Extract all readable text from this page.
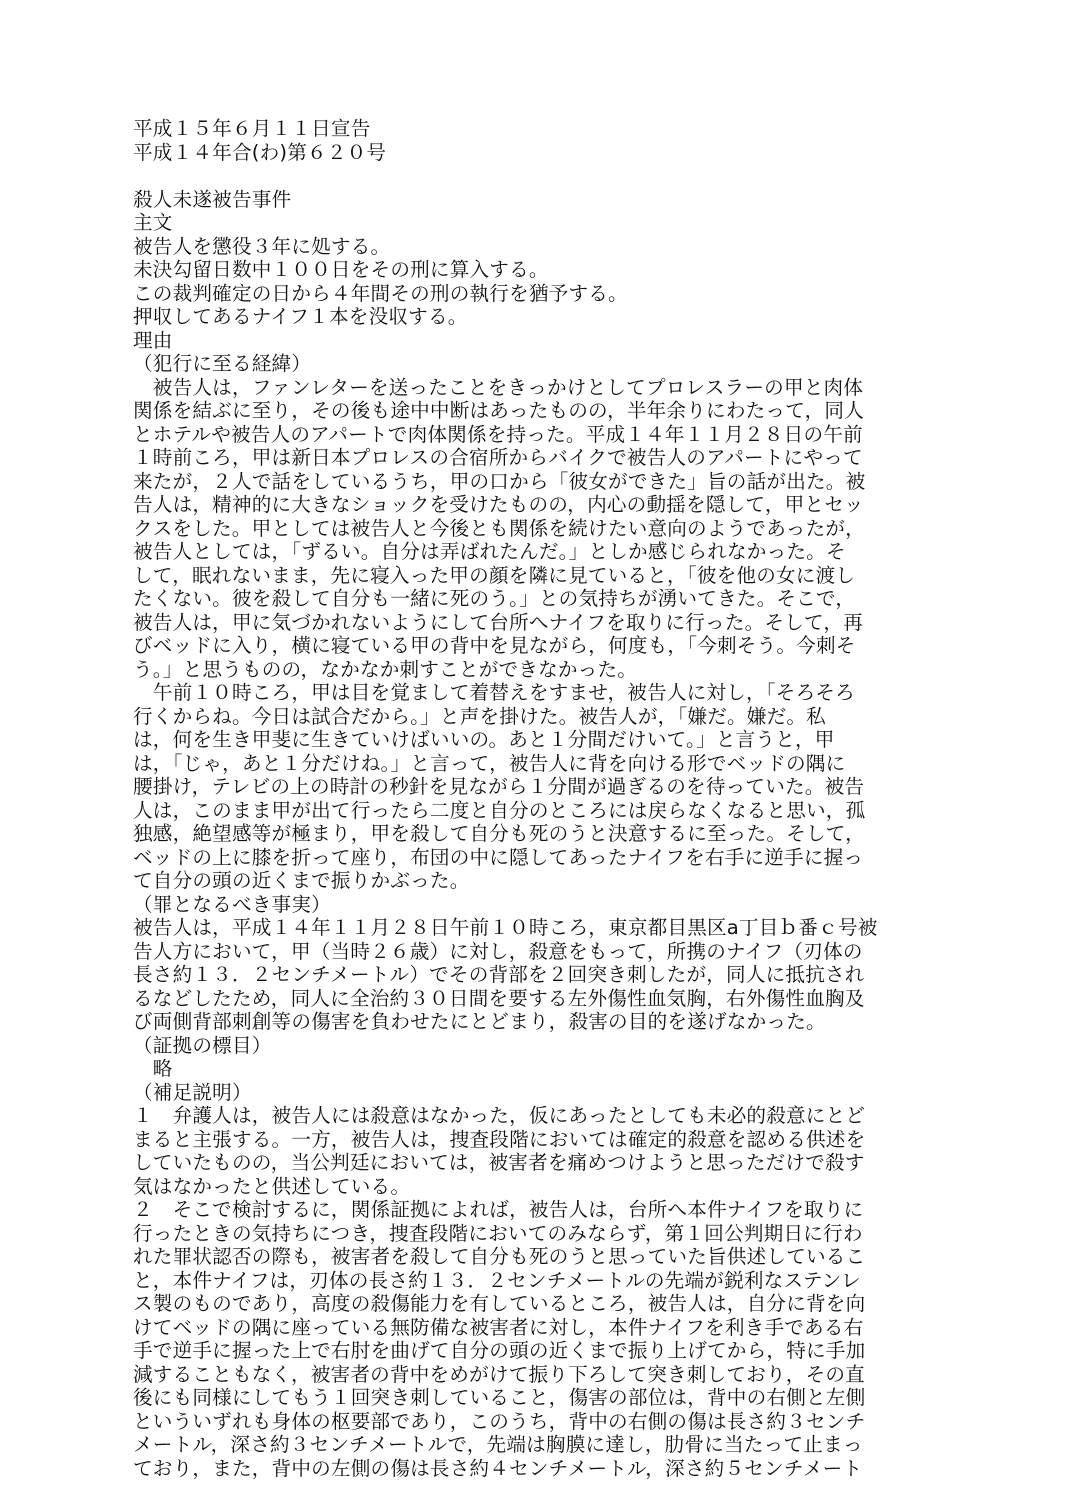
平成１５年６月１１日宣告
平成１４年合(わ)第６２０号
殺人未遂被告事件
主文
被告人を懲役３年に処する。
未決勾留日数中１００日をその刑に算入する。
この裁判確定の日から４年間その刑の執行を猶予する。
押収してあるナイフ１本を没収する。
理由
（犯行に至る経緯）
　被告人は，ファンレターを送ったことをきっかけとしてプロレスラーの甲と肉体
関係を結ぶに至り，その後も途中中断はあったものの，半年余りにわたって，同人
とホテルや被告人のアパートで肉体関係を持った。平成１４年１１月２８日の午前
１時前ころ，甲は新日本プロレスの合宿所からバイクで被告人のアパートにやって
来たが，２人で話をしているうち，甲の口から「彼女ができた」旨の話が出た。被
告人は，精神的に大きなショックを受けたものの，内心の動揺を隠して，甲とセッ
クスをした。甲としては被告人と今後とも関係を続けたい意向のようであったが，
被告人としては，「ずるい。自分は弄ばれたんだ。」としか感じられなかった。そ
して，眠れないまま，先に寝入った甲の顔を隣に見ていると，「彼を他の女に渡し
たくない。彼を殺して自分も一緒に死のう。」との気持ちが湧いてきた。そこで，
被告人は，甲に気づかれないようにして台所へナイフを取りに行った。そして，再
びベッドに入り，横に寝ている甲の背中を見ながら，何度も，「今刺そう。今刺そ
う。」と思うものの，なかなか刺すことができなかった。
　午前１０時ころ，甲は目を覚まして着替えをすませ，被告人に対し，「そろそろ
行くからね。今日は試合だから。」と声を掛けた。被告人が，「嫌だ。嫌だ。私
は，何を生き甲斐に生きていけばいいの。あと１分間だけいて。」と言うと，甲
は，「じゃ，あと１分だけね。」と言って，被告人に背を向ける形でベッドの隅に
腰掛け，テレビの上の時計の秒針を見ながら１分間が過ぎるのを待っていた。被告
人は，このまま甲が出て行ったら二度と自分のところには戻らなくなると思い，孤
独感，絶望感等が極まり，甲を殺して自分も死のうと決意するに至った。そして，
ベッドの上に膝を折って座り，布団の中に隠してあったナイフを右手に逆手に握っ
て自分の頭の近くまで振りかぶった。
（罪となるべき事実）
被告人は，平成１４年１１月２８日午前１０時ころ，東京都目黒区a丁目ｂ番ｃ号被
告人方において，甲（当時２６歳）に対し，殺意をもって，所携のナイフ（刃体の
長さ約１３．２センチメートル）でその背部を２回突き刺したが，同人に抵抗され
るなどしたため，同人に全治約３０日間を要する左外傷性血気胸，右外傷性血胸及
び両側背部刺創等の傷害を負わせたにとどまり，殺害の目的を遂げなかった。
（証拠の標目）
　略
（補足説明）
１　弁護人は，被告人には殺意はなかった，仮にあったとしても未必的殺意にとど
まると主張する。一方，被告人は，捜査段階においては確定的殺意を認める供述を
していたものの，当公判廷においては，被害者を痛めつけようと思っただけで殺す
気はなかったと供述している。
２　そこで検討するに，関係証拠によれば，被告人は，台所へ本件ナイフを取りに
行ったときの気持ちにつき，捜査段階においてのみならず，第１回公判期日に行わ
れた罪状認否の際も，被害者を殺して自分も死のうと思っていた旨供述しているこ
と，本件ナイフは，刃体の長さ約１３．２センチメートルの先端が鋭利なステンレ
ス製のものであり，高度の殺傷能力を有しているところ，被告人は，自分に背を向
けてベッドの隅に座っている無防備な被害者に対し，本件ナイフを利き手である右
手で逆手に握った上で右肘を曲げて自分の頭の近くまで振り上げてから，特に手加
減することもなく，被害者の背中をめがけて振り下ろして突き刺しており，その直
後にも同様にしてもう１回突き刺していること，傷害の部位は，背中の右側と左側
といういずれも身体の枢要部であり，このうち，背中の右側の傷は長さ約３センチ
メートル，深さ約３センチメートルで，先端は胸膜に達し，肋骨に当たって止まっ
ており，また，背中の左側の傷は長さ約４センチメートル，深さ約５センチメート
